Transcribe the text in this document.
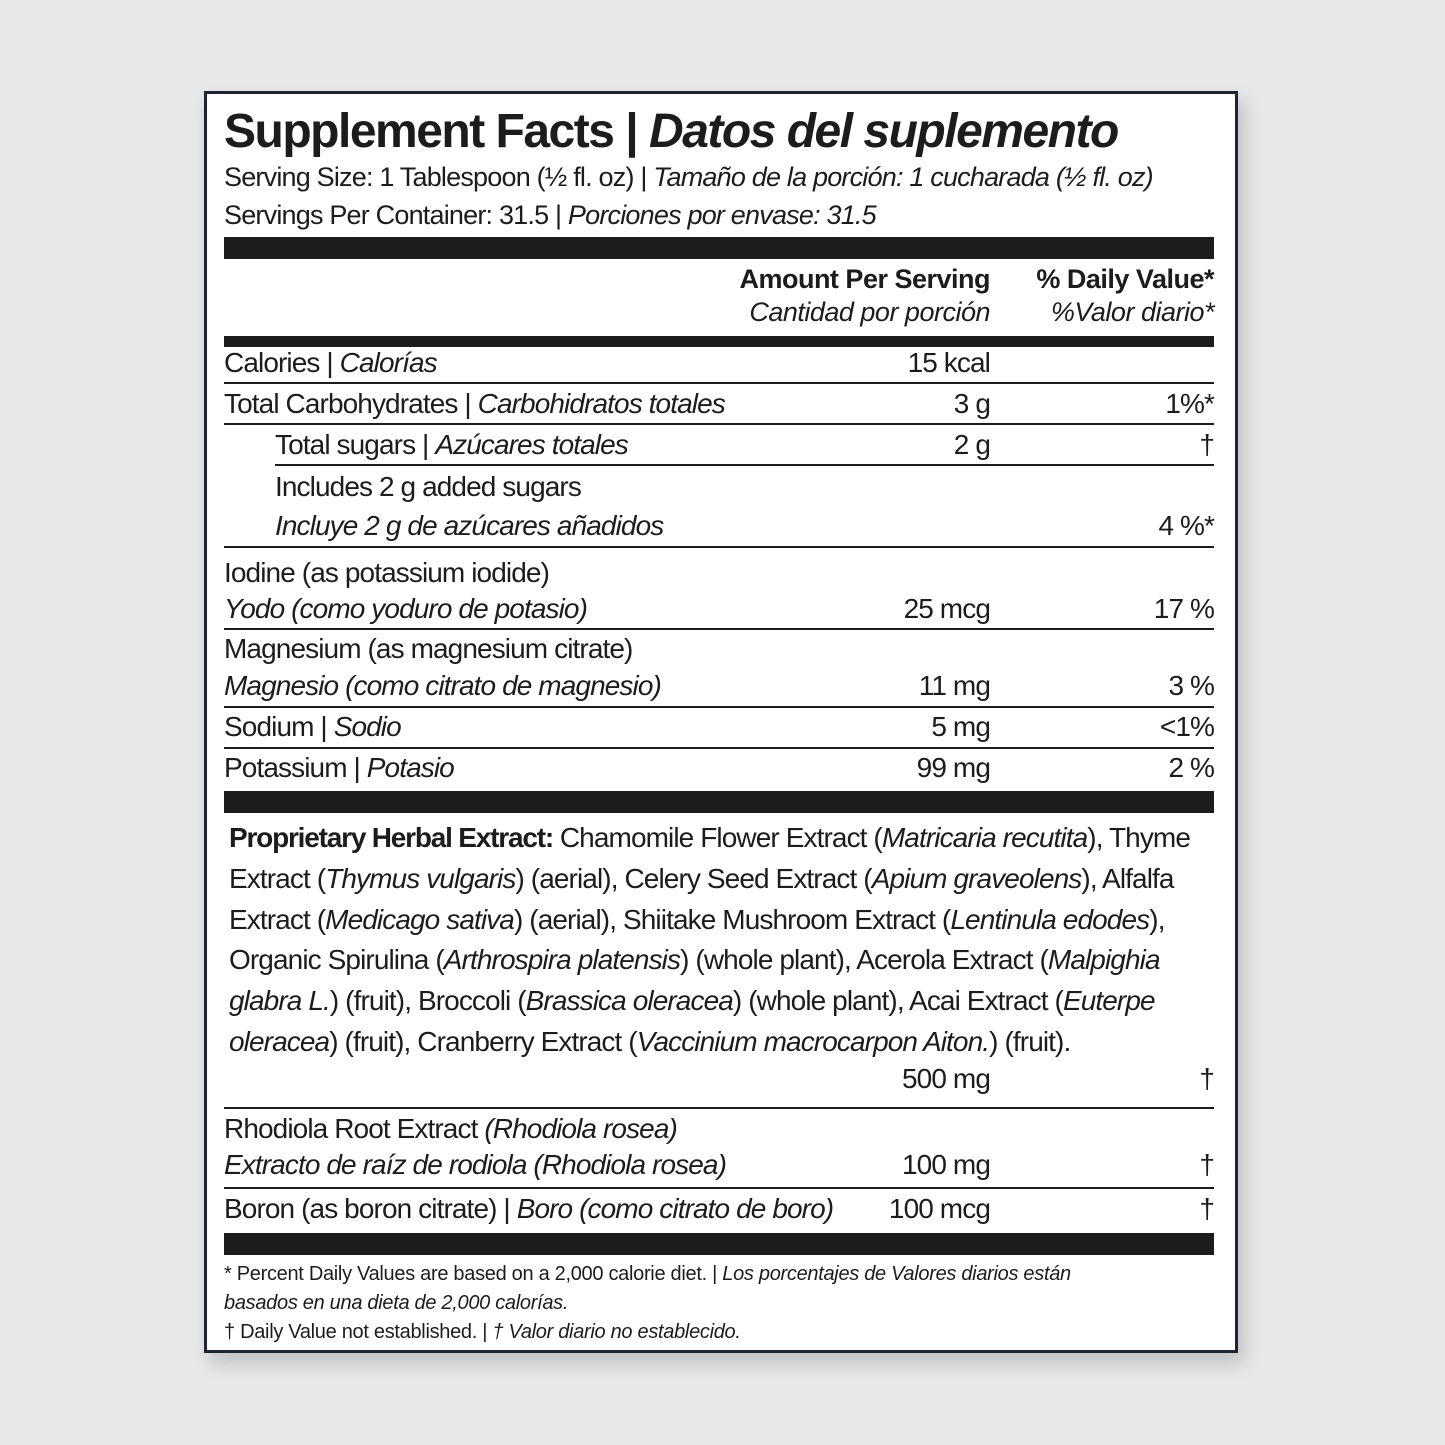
Supplement Facts | Datos del suplemento
Serving Size: 1 Tablespoon (½ fl. oz) | Tamaño de la porción: 1 cucharada (½ fl. oz)
Servings Per Container: 31.5 | Porciones por envase: 31.5
Amount Per Serving
Cantidad por porción
% Daily Value*
%Valor diario*
Calories | Calorías	15 kcal
Total Carbohydrates | Carbohidratos totales	3 g	1%*
Total sugars | Azúcares totales	2 g	†
Includes 2 g added sugars
Incluye 2 g de azúcares añadidos	4 %*
Iodine (as potassium iodide)
Yodo (como yoduro de potasio)	25 mcg	17 %
Magnesium (as magnesium citrate)
Magnesio (como citrato de magnesio)	11 mg	3 %
Sodium | Sodio	5 mg	<1%
Potassium | Potasio	99 mg	2 %
Proprietary Herbal Extract: Chamomile Flower Extract (Matricaria recutita), Thyme
Extract (Thymus vulgaris) (aerial), Celery Seed Extract (Apium graveolens), Alfalfa
Extract (Medicago sativa) (aerial), Shiitake Mushroom Extract (Lentinula edodes),
Organic Spirulina (Arthrospira platensis) (whole plant), Acerola Extract (Malpighia
glabra L.) (fruit), Broccoli (Brassica oleracea) (whole plant), Acai Extract (Euterpe
oleracea) (fruit), Cranberry Extract (Vaccinium macrocarpon Aiton.) (fruit).
500 mg	†
Rhodiola Root Extract (Rhodiola rosea)
Extracto de raíz de rodiola (Rhodiola rosea)	100 mg	†
Boron (as boron citrate) | Boro (como citrato de boro) 100 mcg	†
* Percent Daily Values are based on a 2,000 calorie diet. | Los porcentajes de Valores diarios están
basados en una dieta de 2,000 calorías.
† Daily Value not established. | † Valor diario no establecido.
